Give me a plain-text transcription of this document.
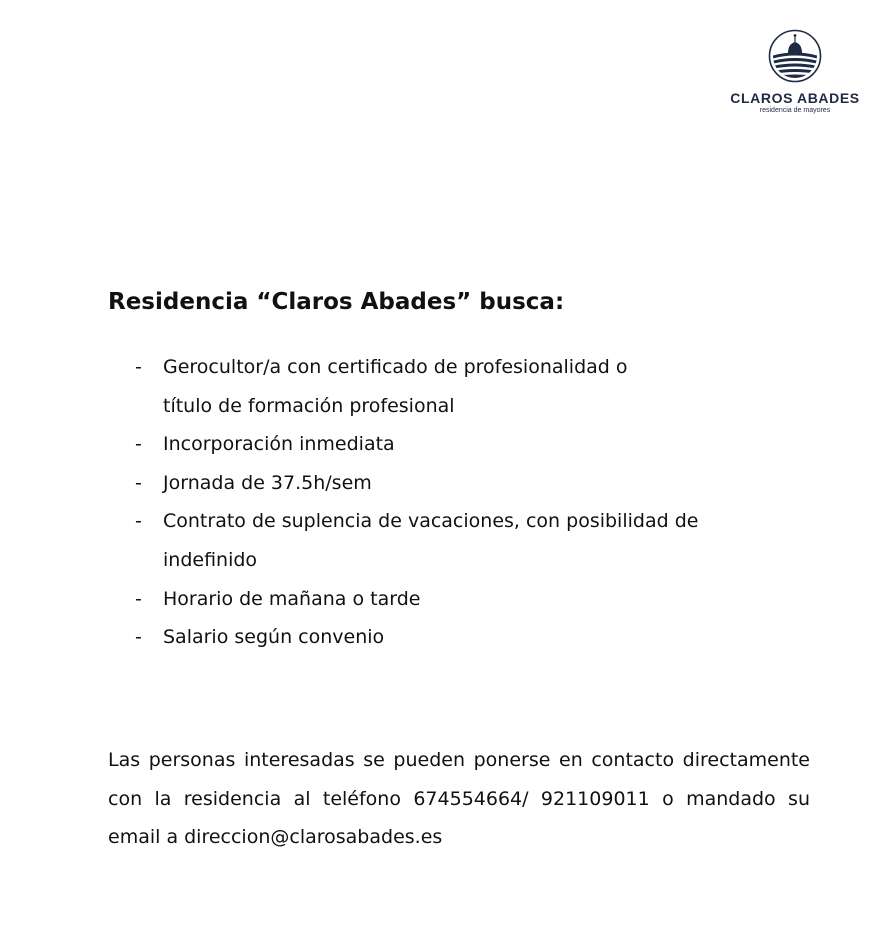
CLAROS ABADES
residencia de mayores
Residencia “Claros Abades” busca:
- Gerocultor/a con certificado de profesionalidad o
título de formación profesional
- Incorporación inmediata
- Jornada de 37.5h/sem
- Contrato de suplencia de vacaciones, con posibilidad de
indefinido
- Horario de mañana o tarde
- Salario según convenio

Las personas interesadas se pueden ponerse en contacto directamente con la residencia al teléfono 674554664/ 921109011 o mandado su email a direccion@clarosabades.es
